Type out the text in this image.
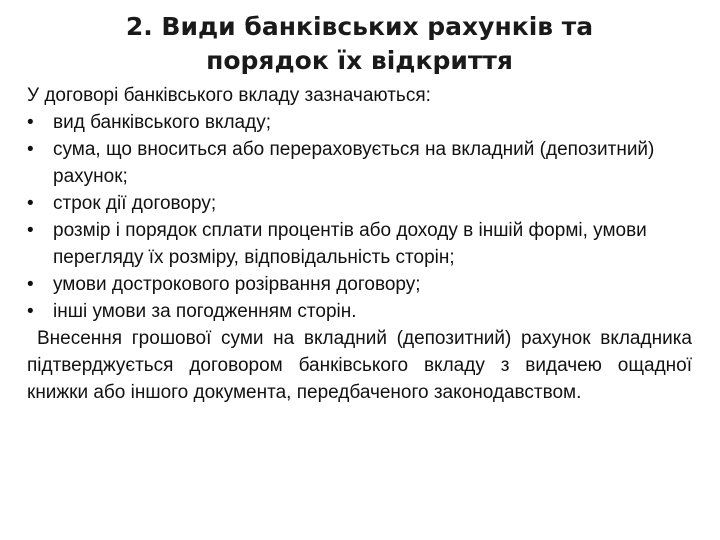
2. Види банківських рахунків та порядок їх відкриття

У договорі банківського вкладу зазначаються:

• вид банківського вкладу;
• сума, що вноситься або перераховується на вкладний (депозитний) рахунок;
• строк дії договору;
• розмір і порядок сплати процентів або доходу в іншій формі, умови перегляду їх розміру, відповідальність сторін;
• умови дострокового розірвання договору;
• інші умови за погодженням сторін.

Внесення грошової суми на вкладний (депозитний) рахунок вкладника підтверджується договором банківського вкладу з видачею ощадної книжки або іншого документа, передбаченого законодавством.
